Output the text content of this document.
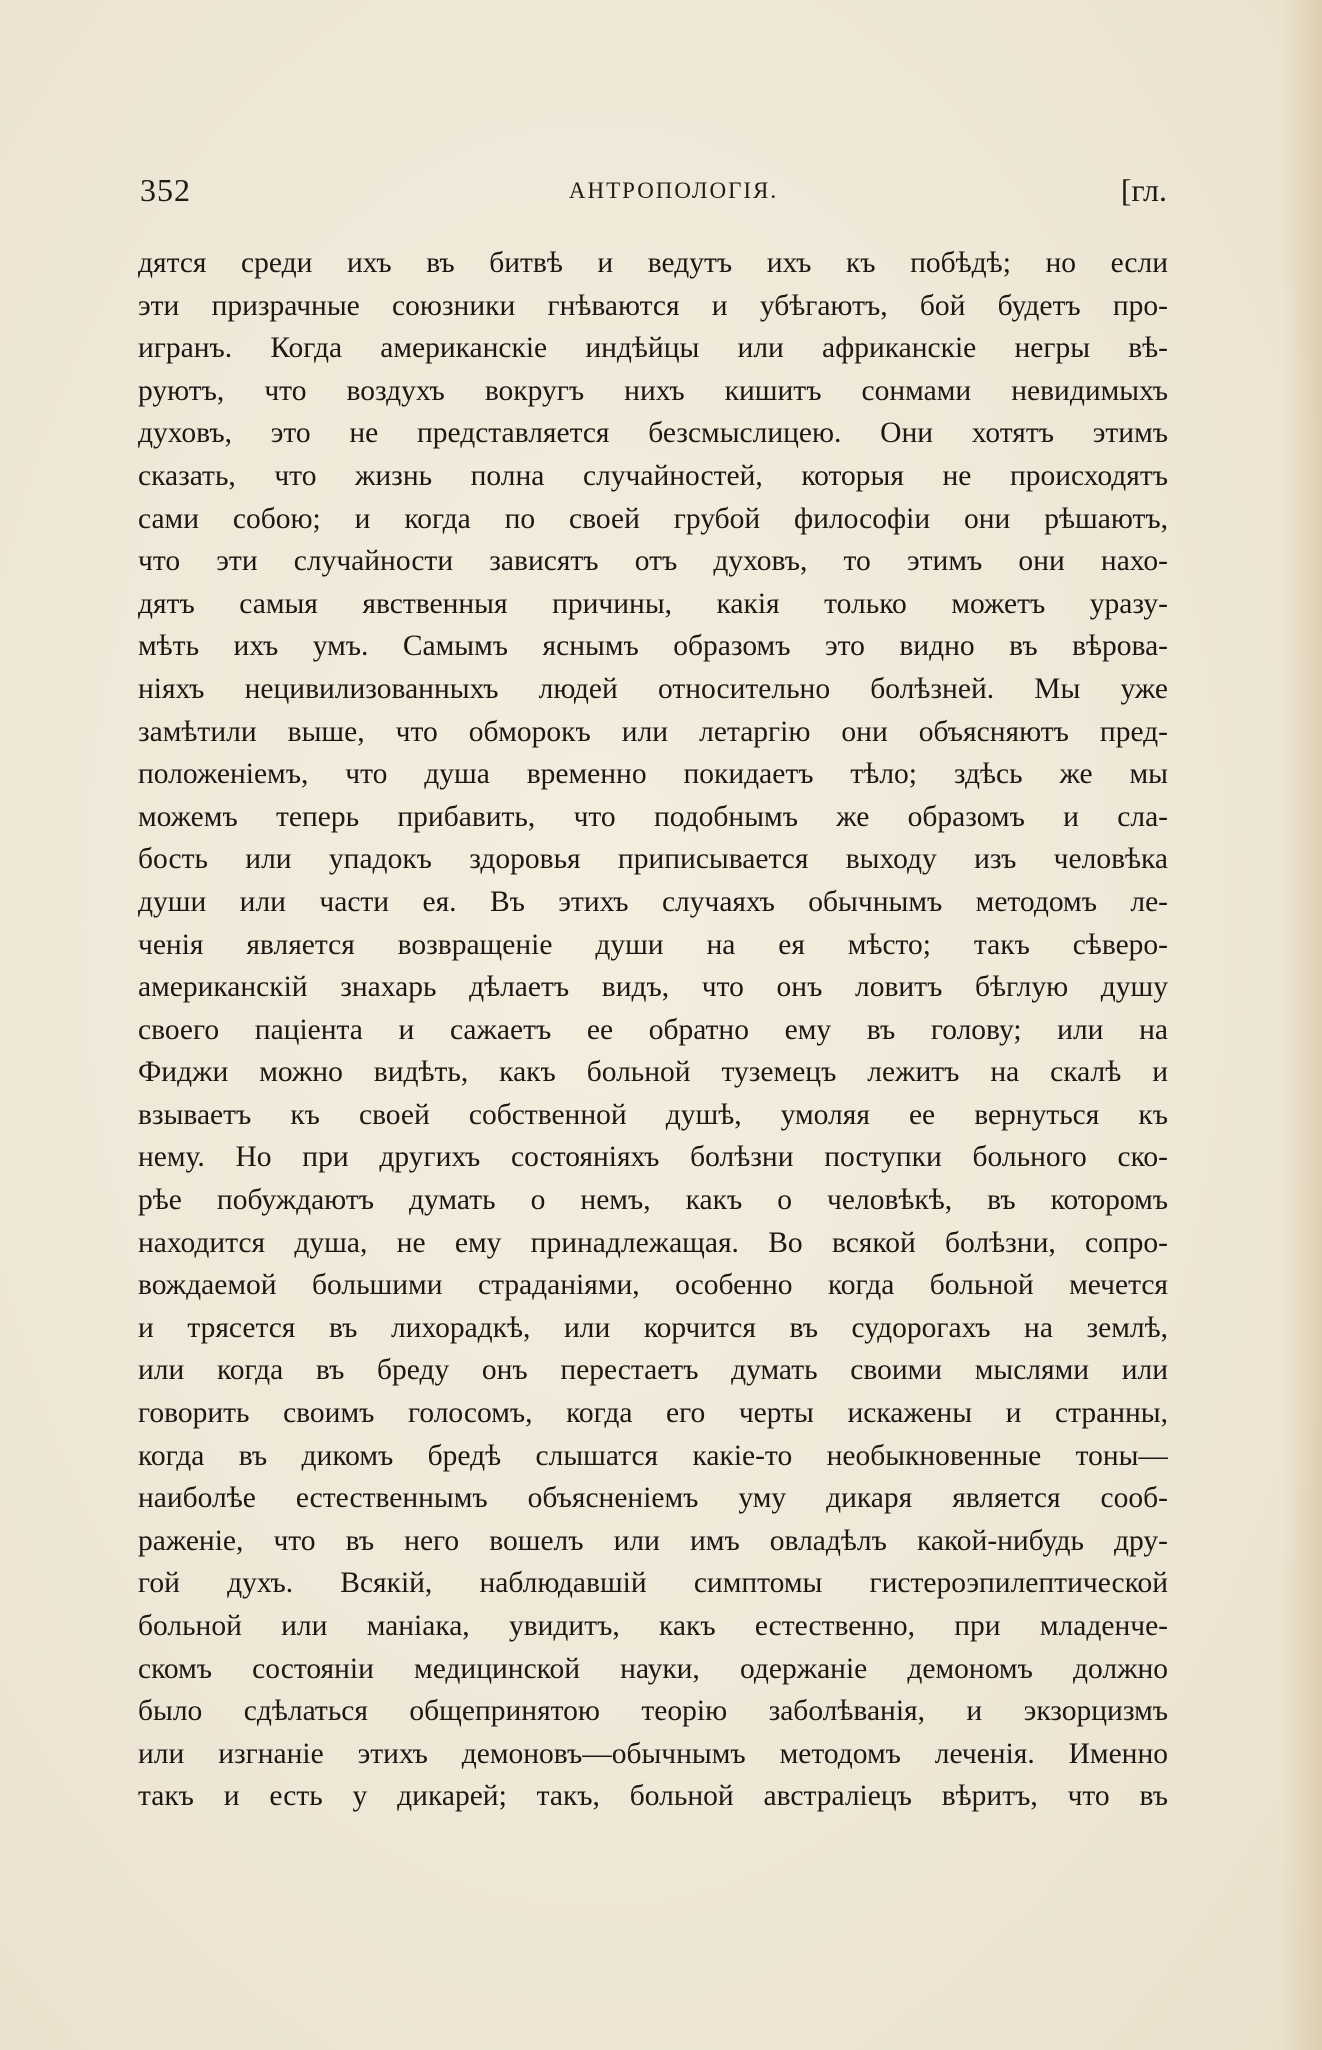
352	АНТРОПОЛОГІЯ.	[гл.
дятся среди ихъ въ битвѣ и ведутъ ихъ къ побѣдѣ; но если
эти призрачные союзники гнѣваются и убѣгаютъ, бой будетъ про-
игранъ. Когда американскіе индѣйцы или африканскіе негры вѣ-
руютъ, что воздухъ вокругъ нихъ кишитъ сонмами невидимыхъ
духовъ, это не представляется безсмыслицею. Они хотятъ этимъ
сказать, что жизнь полна случайностей, которыя не происходятъ
сами собою; и когда по своей грубой философіи они рѣшаютъ,
что эти случайности зависятъ отъ духовъ, то этимъ они нахо-
дятъ самыя явственныя причины, какія только можетъ уразу-
мѣть ихъ умъ. Самымъ яснымъ образомъ это видно въ вѣрова-
ніяхъ нецивилизованныхъ людей относительно болѣзней. Мы уже
замѣтили выше, что обморокъ или летаргію они объясняютъ пред-
положеніемъ, что душа временно покидаетъ тѣло; здѣсь же мы
можемъ теперь прибавить, что подобнымъ же образомъ и сла-
бость или упадокъ здоровья приписывается выходу изъ человѣка
души или части ея. Въ этихъ случаяхъ обычнымъ методомъ ле-
ченія является возвращеніе души на ея мѣсто; такъ сѣверо-
американскій знахарь дѣлаетъ видъ, что онъ ловитъ бѣглую душу
своего паціента и сажаетъ ее обратно ему въ голову; или на
Фиджи можно видѣть, какъ больной туземецъ лежитъ на скалѣ и
взываетъ къ своей собственной душѣ, умоляя ее вернуться къ
нему. Но при другихъ состояніяхъ болѣзни поступки больного ско-
рѣе побуждаютъ думать о немъ, какъ о человѣкѣ, въ которомъ
находится душа, не ему принадлежащая. Во всякой болѣзни, сопро-
вождаемой большими страданіями, особенно когда больной мечется
и трясется въ лихорадкѣ, или корчится въ судорогахъ на землѣ,
или когда въ бреду онъ перестаетъ думать своими мыслями или
говорить своимъ голосомъ, когда его черты искажены и странны,
когда въ дикомъ бредѣ слышатся какіе-то необыкновенные тоны—
наиболѣе естественнымъ объясненіемъ уму дикаря является сооб-
раженіе, что въ него вошелъ или имъ овладѣлъ какой-нибудь дру-
гой духъ. Всякій, наблюдавшій симптомы гистероэпилептической
больной или маніака, увидитъ, какъ естественно, при младенче-
скомъ состояніи медицинской науки, одержаніе демономъ должно
было сдѣлаться общепринятою теорію заболѣванія, и экзорцизмъ
или изгнаніе этихъ демоновъ—обычнымъ методомъ леченія. Именно
такъ и есть у дикарей; такъ, больной австраліецъ вѣритъ, что въ
